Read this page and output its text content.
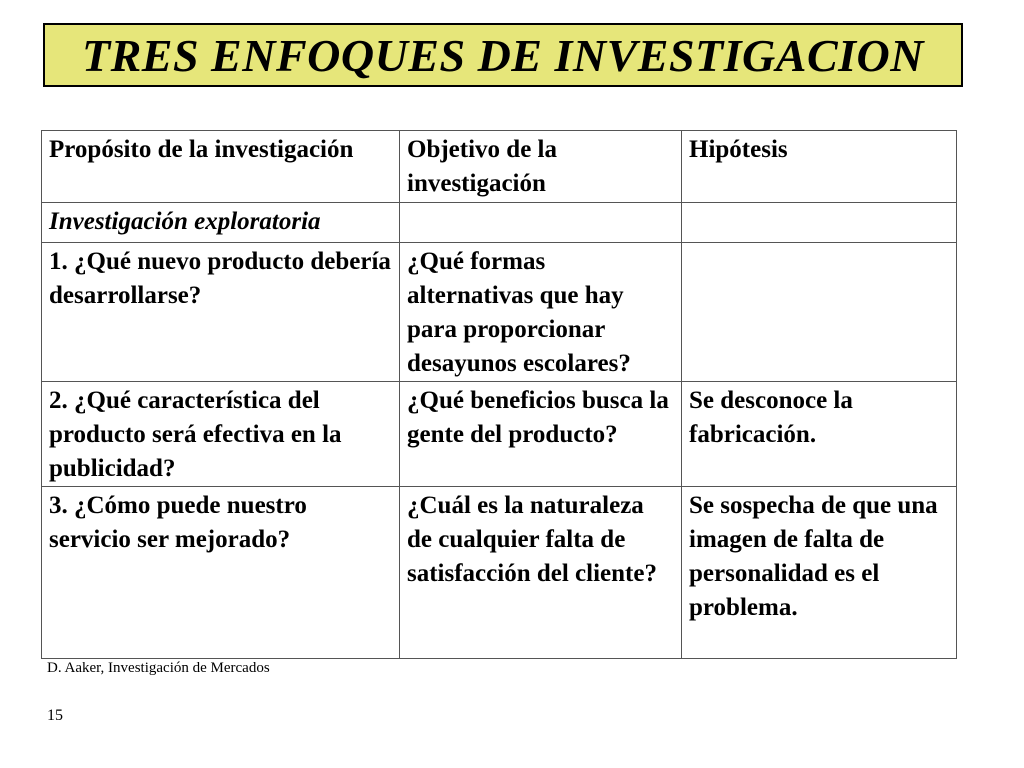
TRES ENFOQUES DE INVESTIGACION
Propósito de la investigación	Objetivo de la investigación	Hipótesis
Investigación exploratoria		
1. ¿Qué nuevo producto debería desarrollarse?	¿Qué formas alternativas que hay para proporcionar desayunos escolares?	
2. ¿Qué característica del producto será efectiva en la publicidad?	¿Qué beneficios busca la gente del producto?	Se desconoce la fabricación.
3. ¿Cómo puede nuestro servicio ser mejorado?	¿Cuál es la naturaleza de cualquier falta de satisfacción del cliente?	Se sospecha de que una imagen de falta de personalidad es el problema.
D. Aaker, Investigación de Mercados
15
